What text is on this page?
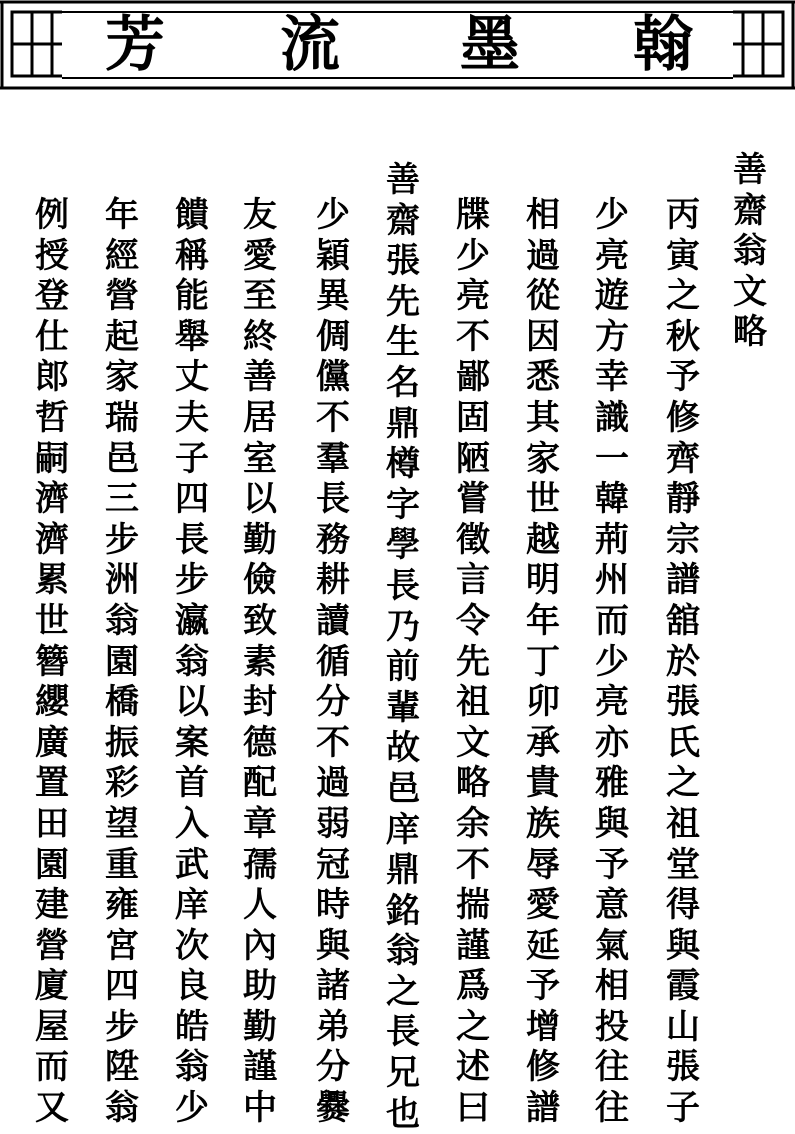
芳 流 墨 翰
善
齋
翁
文
略
丙
寅
之
秋
予
修
齊
靜
宗
譜
舘
於
張
氏
之
祖
堂
得
與
霞
山
張
子
少
亮
遊
方
幸
識
一
韓
荊
州
而
少
亮
亦
雅
與
予
意
氣
相
投
往
往
相
過
從
因
悉
其
家
世
越
明
年
丁
卯
承
貴
族
辱
愛
延
予
增
修
譜
牒
少
亮
不
鄙
固
陋
嘗
徵
言
令
先
祖
文
略
余
不
揣
謹
爲
之
述
曰
善
齋
張
先
生
名
鼎
樽
字
學
長
乃
前
輩
故
邑
庠
鼎
銘
翁
之
長
兄
也
少
穎
異
倜
儻
不
羣
長
務
耕
讀
循
分
不
過
弱
冠
時
與
諸
弟
分
爨
友
愛
至
終
善
居
室
以
勤
儉
致
素
封
德
配
章
孺
人
內
助
勤
謹
中
饋
稱
能
舉
丈
夫
子
四
長
步
瀛
翁
以
案
首
入
武
庠
次
良
皓
翁
少
年
經
營
起
家
瑞
邑
三
步
洲
翁
園
橋
振
彩
望
重
雍
宮
四
步
陞
翁
例
授
登
仕
郎
哲
嗣
濟
濟
累
世
簪
纓
廣
置
田
園
建
營
廈
屋
而
又
